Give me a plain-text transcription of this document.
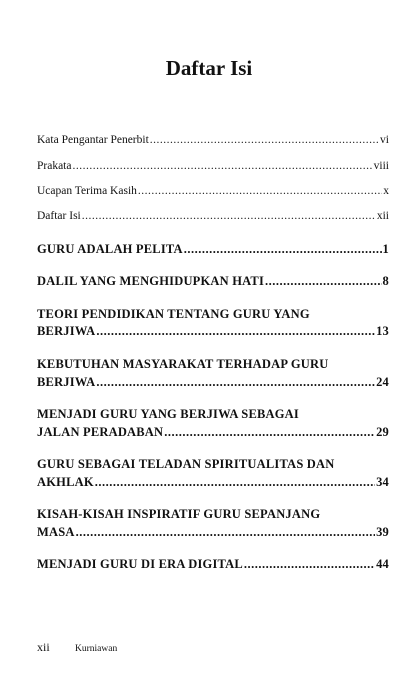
Daftar Isi
Kata Pengantar Penerbit .....	vi
Prakata .....	viii
Ucapan Terima Kasih .....	x
Daftar Isi .....	xii
GURU ADALAH PELITA .....	1
DALIL YANG MENGHIDUPKAN HATI .....	8
TEORI PENDIDIKAN TENTANG GURU YANG
BERJIWA .....	13
KEBUTUHAN MASYARAKAT TERHADAP GURU
BERJIWA .....	24
MENJADI GURU YANG BERJIWA SEBAGAI
JALAN PERADABAN .....	29
GURU SEBAGAI TELADAN SPIRITUALITAS DAN
AKHLAK .....	34
KISAH-KISAH INSPIRATIF GURU SEPANJANG
MASA .....	39
MENJADI GURU DI ERA DIGITAL .....	44
xii	Kurniawan
